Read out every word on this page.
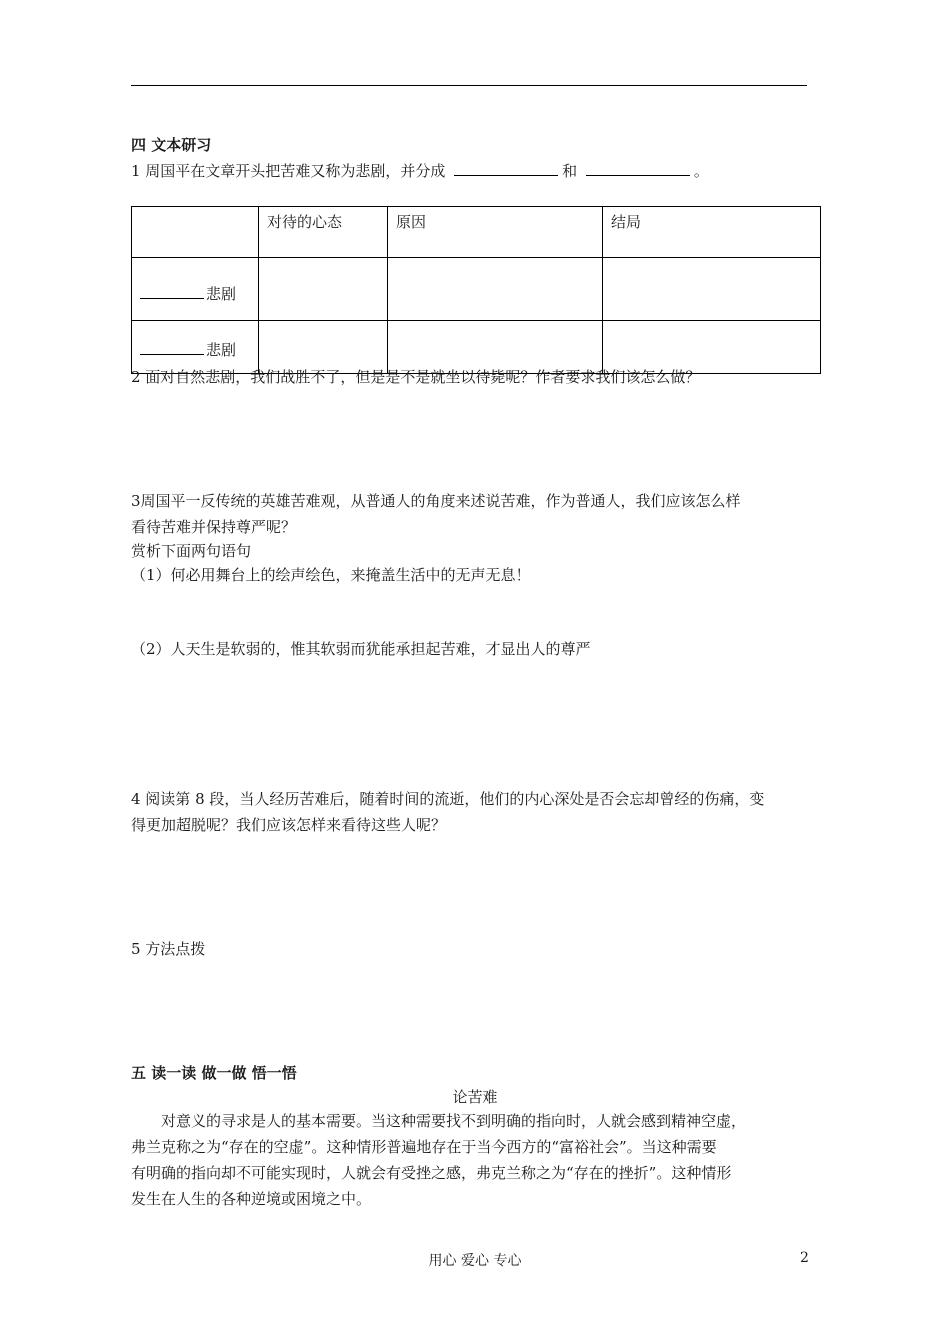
四 文本研习
1 周国平在文章开头把苦难又称为悲剧，并分成	和	。
	对待的心态	原因	结局
悲剧			
悲剧			
2 面对自然悲剧，我们战胜不了，但是是不是就坐以待毙呢？作者要求我们该怎么做？
3周国平一反传统的英雄苦难观，从普通人的角度来述说苦难，作为普通人，我们应该怎么样
看待苦难并保持尊严呢？
赏析下面两句语句
（1）何必用舞台上的绘声绘色，来掩盖生活中的无声无息！
（2）人天生是软弱的，惟其软弱而犹能承担起苦难，才显出人的尊严
4 阅读第 8 段，当人经历苦难后，随着时间的流逝，他们的内心深处是否会忘却曾经的伤痛，变
得更加超脱呢？我们应该怎样来看待这些人呢？
5 方法点拨
五 读一读 做一做 悟一悟
论苦难
对意义的寻求是人的基本需要。当这种需要找不到明确的指向时，人就会感到精神空虚，
弗兰克称之为“存在的空虚”。这种情形普遍地存在于当今西方的“富裕社会”。当这种需要
有明确的指向却不可能实现时，人就会有受挫之感，弗克兰称之为“存在的挫折”。这种情形
发生在人生的各种逆境或困境之中。
用心 爱心 专心	2
